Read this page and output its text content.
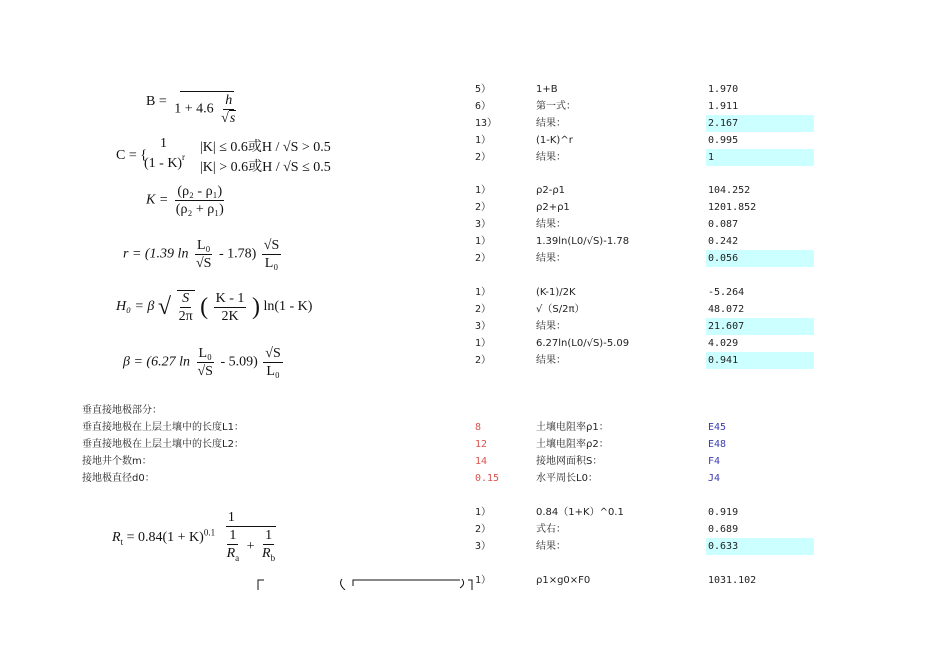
$B = 1 + 4.6 \frac{h}{√s}$
C = {
1 |K| ≤ 0.6或H / √S > 0.5
(1 - K) r
|K| > 0.6或H / √S ≤ 0.5
$K = \frac{\text{(ρ₂ - ρ₁)}}{\text{(ρ₂ + ρ₁)}}$
r = (1.39 $\ln \frac{\text{L₀}}{√S} - 1.78) \frac{√S}{\text{L₀}}$
H₀ = β √ $\frac{S}{2\pi}$ ( $\frac{K - 1}{2K}$ ) ln(1 - K)
β = (6.27 $\ln \frac{\text{L₀}}{√S} - 5.09) \frac{√S}{\text{L₀}}$
垂直接地极部分：
垂直接地极在上层土壤中的长度L1：
垂直接地极在上层土壤中的长度L2：
接地井个数m：
接地极直径d0：
$R_t = 0.84(1 + K)^{0.1}$
1
$\frac{1}{R_a} + \frac{1}{R_b}$
5）	1+B	1.970
6）	第一式：	1.911
13）	结果：	2.167
1）	(1-K)^r	0.995
2）	结果：	1
1）	ρ2-ρ1	104.252
2）	ρ2+ρ1	1201.852
3）	结果：	0.087
1）	1.39ln(L0/√S)-1.78	0.242
2）	结果：	0.056
1）	(K-1)/2K	-5.264
2）	√（S/2π）	48.072
3）	结果：	21.607
1）	6.27ln(L0/√S)-5.09	4.029
2）	结果：	0.941
8	土壤电阻率ρ1：	E45
12	土壤电阻率ρ2：	E48
14	接地网面积S：	F4
0.15	水平周长L0：	J4
1）	0.84（1+K）^0.1	0.919
2）	式右：	0.689
3）	结果：	0.633
1）	ρ1×g0×F0	1031.102
